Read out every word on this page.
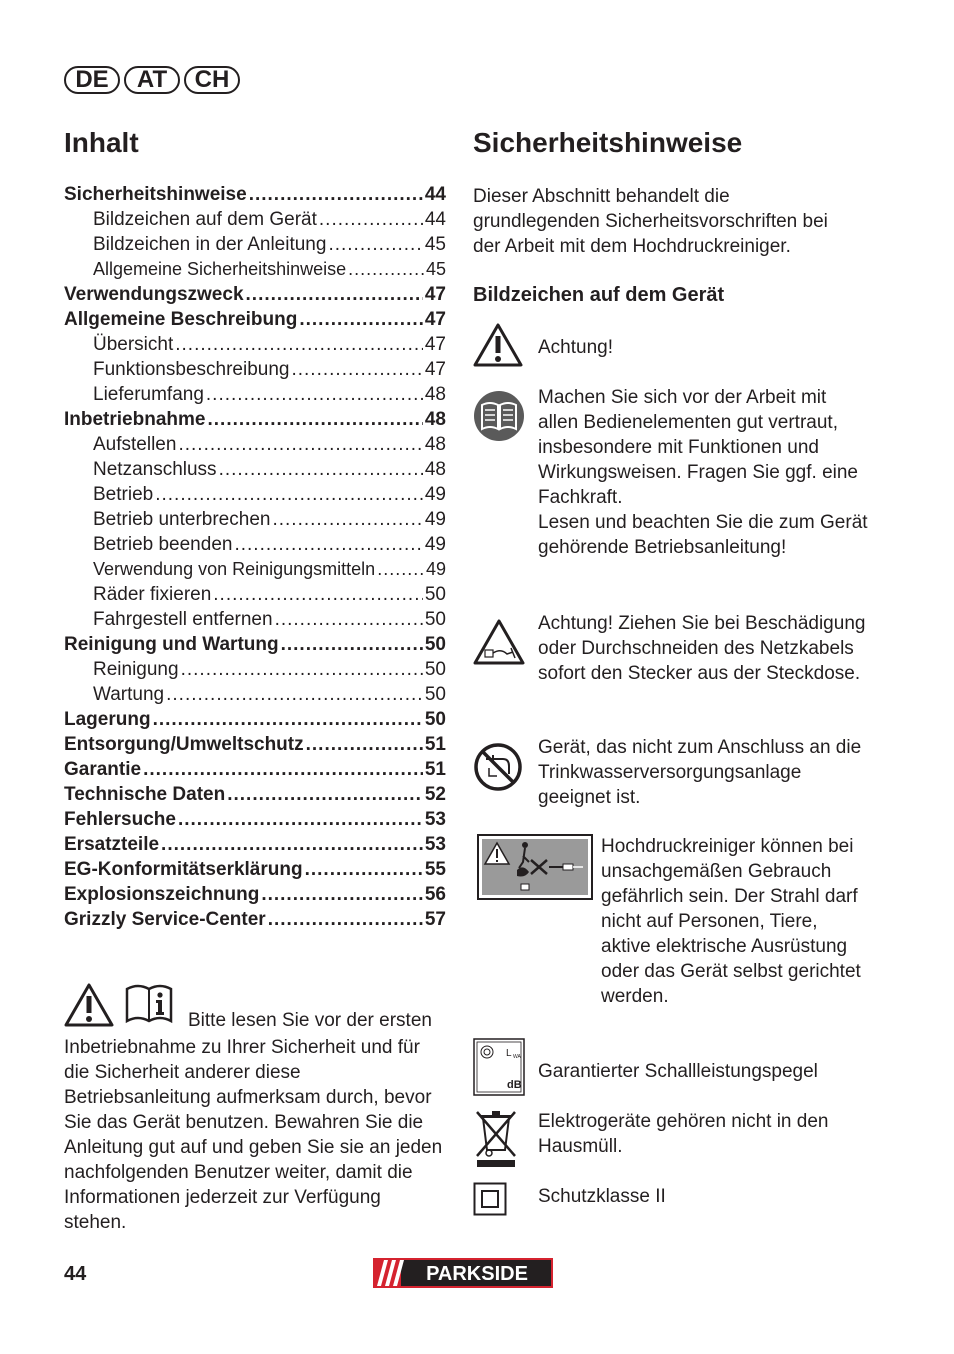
DE	AT	CH
Inhalt
Sicherheitshinweise .....	44
Bildzeichen auf dem Gerät .....	44
Bildzeichen in der Anleitung .....	45
Allgemeine Sicherheitshinweise .....	45
Verwendungszweck .....	47
Allgemeine Beschreibung .....	47
Übersicht .....	47
Funktionsbeschreibung .....	47
Lieferumfang .....	48
Inbetriebnahme .....	48
Aufstellen .....	48
Netzanschluss .....	48
Betrieb .....	49
Betrieb unterbrechen .....	49
Betrieb beenden .....	49
Verwendung von Reinigungsmitteln .....	49
Räder fixieren .....	50
Fahrgestell entfernen .....	50
Reinigung und Wartung .....	50
Reinigung .....	50
Wartung .....	50
Lagerung .....	50
Entsorgung/Umweltschutz .....	51
Garantie .....	51
Technische Daten .....	52
Fehlersuche .....	53
Ersatzteile .....	53
EG-Konformitätserklärung .....	55
Explosionszeichnung .....	56
Grizzly Service-Center .....	57
Bitte lesen Sie vor der ersten
Inbetriebnahme zu Ihrer Sicherheit und für die Sicherheit anderer diese Betriebsanleitung aufmerksam durch, bevor Sie das Gerät benutzen. Bewahren Sie die Anleitung gut auf und geben Sie sie an jeden nachfolgenden Benutzer weiter, damit die Informationen jederzeit zur Verfügung stehen.
Sicherheitshinweise
Dieser Abschnitt behandelt die grundlegenden Sicherheitsvorschriften bei der Arbeit mit dem Hochdruckreiniger.
Bildzeichen auf dem Gerät
Achtung!
Machen Sie sich vor der Arbeit mit allen Bedienelementen gut vertraut, insbesondere mit Funktionen und Wirkungsweisen. Fragen Sie ggf. eine Fachkraft.
Lesen und beachten Sie die zum Gerät gehörende Betriebsanleitung!
Achtung! Ziehen Sie bei Beschädigung oder Durchschneiden des Netzkabels sofort den Stecker aus der Steckdose.
Gerät, das nicht zum Anschluss an die Trinkwasserversorgungsanlage geeignet ist.
Hochdruckreiniger können bei unsachgemäßen Gebrauch gefährlich sein. Der Strahl darf nicht auf Personen, Tiere, aktive elektrische Ausrüstung oder das Gerät selbst gerichtet werden.
L WA
dB
Garantierter Schallleistungspegel
Elektrogeräte gehören nicht in den Hausmüll.
Schutzklasse II
44	PARKSIDE
